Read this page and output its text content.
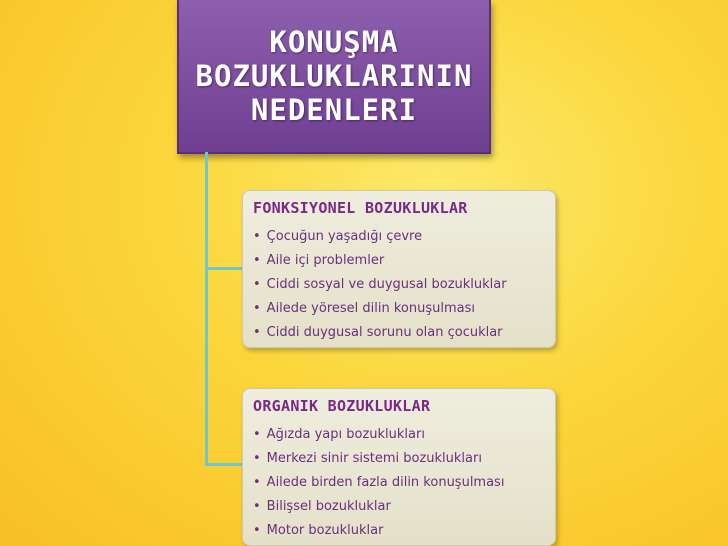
KONUŞMA
BOZUKLUKLARININ
NEDENLERI
FONKSIYONEL BOZUKLUKLAR
• Çocuğun yaşadığı çevre
• Aile içi problemler
• Ciddi sosyal ve duygusal bozukluklar
• Ailede yöresel dilin konuşulması
• Ciddi duygusal sorunu olan çocuklar
ORGANIK BOZUKLUKLAR
• Ağızda yapı bozuklukları
• Merkezi sinir sistemi bozuklukları
• Ailede birden fazla dilin konuşulması
• Bilişsel bozukluklar
• Motor bozukluklar
